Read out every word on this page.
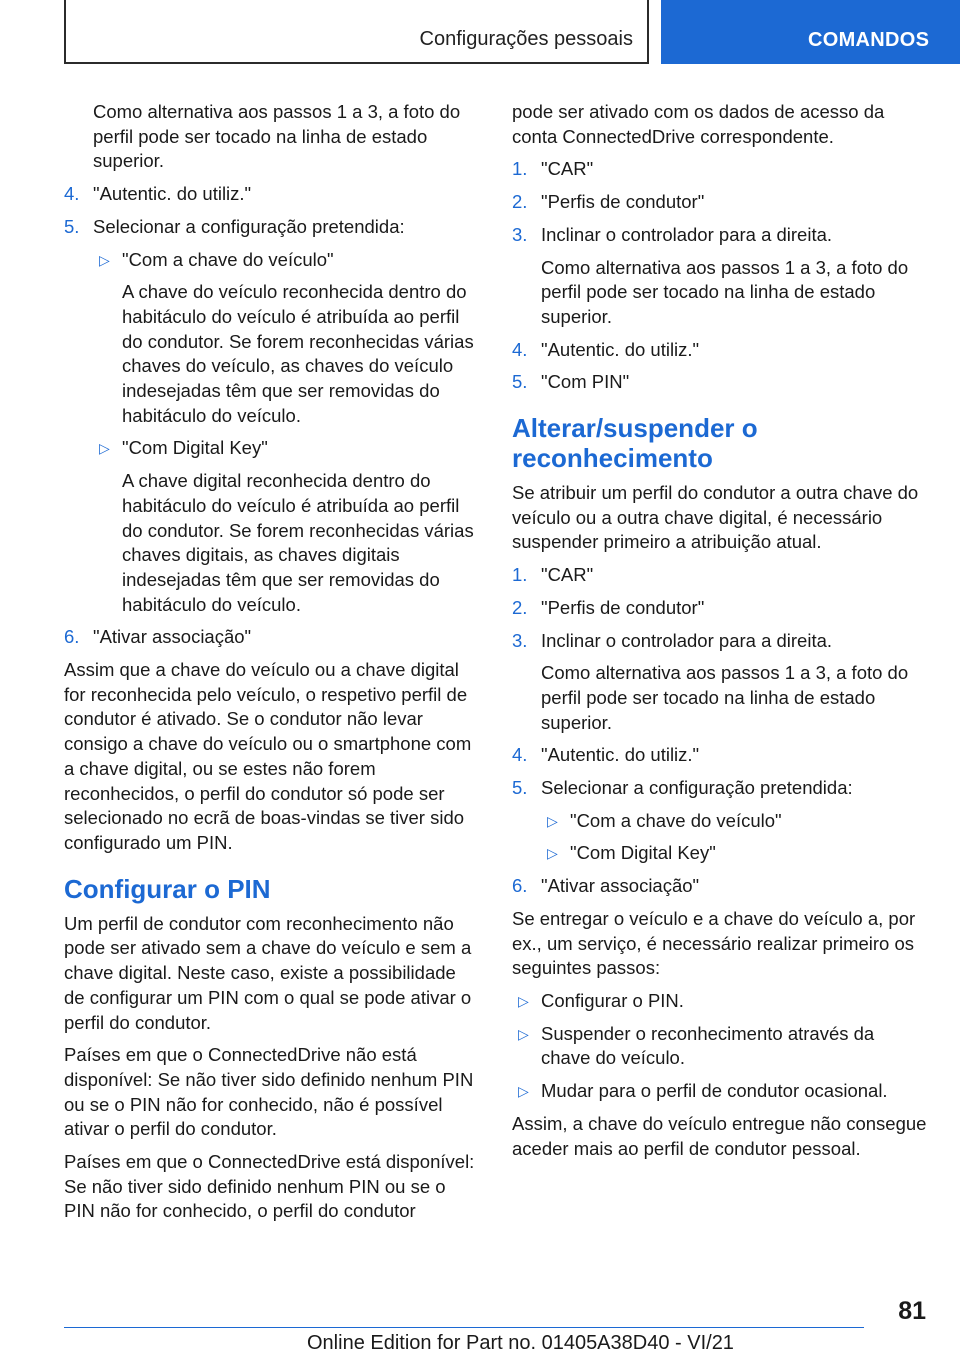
Configurações pessoais	COMANDOS

Como alternativa aos passos 1 a 3, a foto do perfil pode ser tocado na linha de estado superior.

4. "Autentic. do utiliz."
5. Selecionar a configuração pretendida:
▷ "Com a chave do veículo"

A chave do veículo reconhecida dentro do habitáculo do veículo é atribuída ao perfil do condutor. Se forem reconhecidas várias chaves do veículo, as chaves do veículo indesejadas têm que ser removidas do habitáculo do veículo.

▷ "Com Digital Key"

A chave digital reconhecida dentro do habitáculo do veículo é atribuída ao perfil do condutor. Se forem reconhecidas várias chaves digitais, as chaves digitais indesejadas têm que ser removidas do habitáculo do veículo.

6. "Ativar associação"

Assim que a chave do veículo ou a chave digital for reconhecida pelo veículo, o respetivo perfil de condutor é ativado. Se o condutor não levar consigo a chave do veículo ou o smartphone com a chave digital, ou se estes não forem reconhecidos, o perfil do condutor só pode ser selecionado no ecrã de boas-vindas se tiver sido configurado um PIN.

Configurar o PIN

Um perfil de condutor com reconhecimento não pode ser ativado sem a chave do veículo e sem a chave digital. Neste caso, existe a possibilidade de configurar um PIN com o qual se pode ativar o perfil do condutor.

Países em que o ConnectedDrive não está disponível: Se não tiver sido definido nenhum PIN ou se o PIN não for conhecido, não é possível ativar o perfil do condutor.

Países em que o ConnectedDrive está disponível: Se não tiver sido definido nenhum PIN ou se o PIN não for conhecido, o perfil do condutor

pode ser ativado com os dados de acesso da conta ConnectedDrive correspondente.

1. "CAR"
2. "Perfis de condutor"
3. Inclinar o controlador para a direita.

Como alternativa aos passos 1 a 3, a foto do perfil pode ser tocado na linha de estado superior.

4. "Autentic. do utiliz."
5. "Com PIN"
Alterar/suspender o reconhecimento

Se atribuir um perfil do condutor a outra chave do veículo ou a outra chave digital, é necessário suspender primeiro a atribuição atual.

1. "CAR"
2. "Perfis de condutor"
3. Inclinar o controlador para a direita.

Como alternativa aos passos 1 a 3, a foto do perfil pode ser tocado na linha de estado superior.

4. "Autentic. do utiliz."
5. Selecionar a configuração pretendida:
▷ "Com a chave do veículo"
▷ "Com Digital Key"
6. "Ativar associação"

Se entregar o veículo e a chave do veículo a, por ex., um serviço, é necessário realizar primeiro os seguintes passos:

▷ Configurar o PIN.
▷ Suspender o reconhecimento através da chave do veículo.
▷ Mudar para o perfil de condutor ocasional.

Assim, a chave do veículo entregue não consegue aceder mais ao perfil de condutor pessoal.

81
Online Edition for Part no. 01405A38D40 - VI/21
